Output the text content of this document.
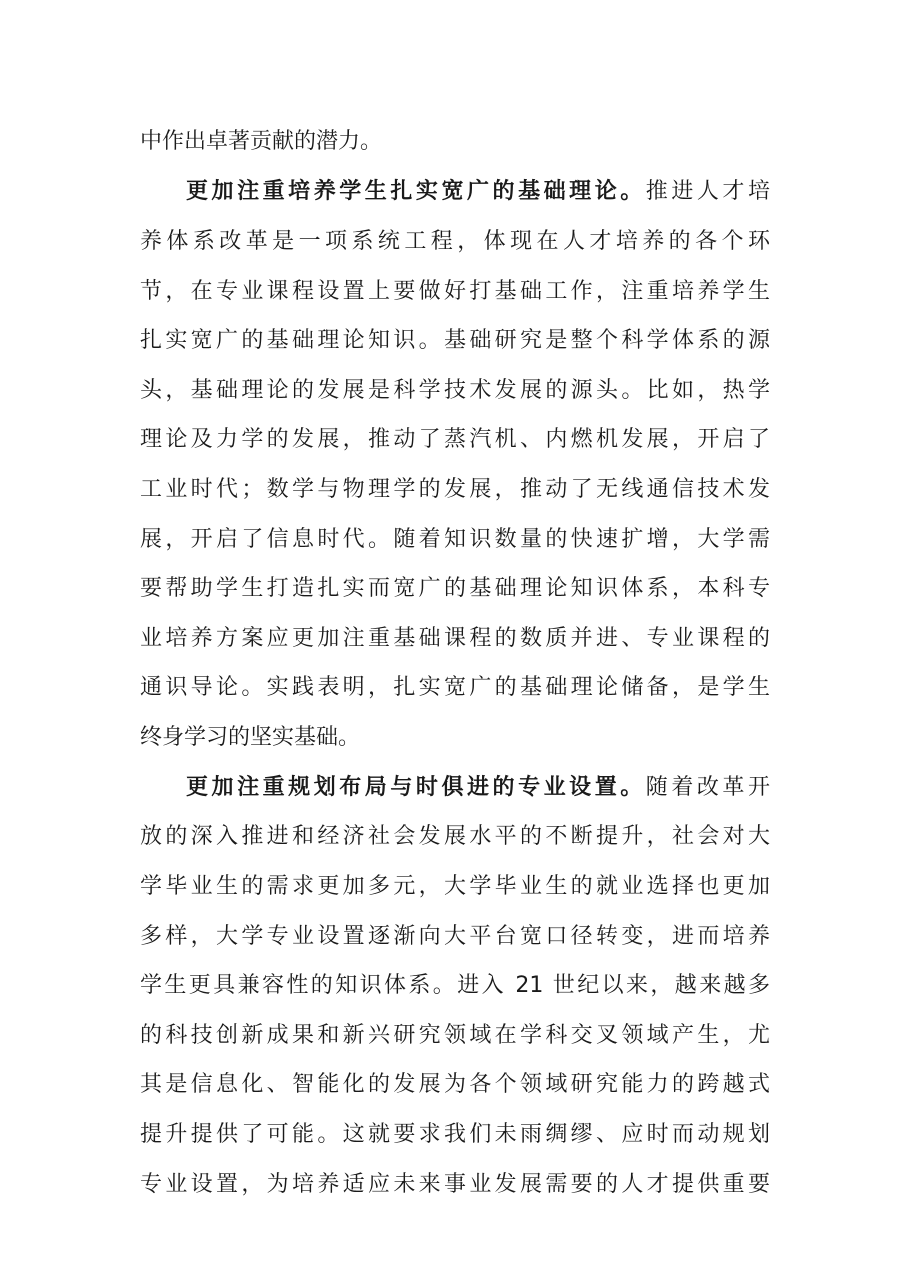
中作出卓著贡献的潜力。
更加注重培养学生扎实宽广的基础理论。推进人才培
养体系改革是一项系统工程，体现在人才培养的各个环
节，在专业课程设置上要做好打基础工作，注重培养学生
扎实宽广的基础理论知识。基础研究是整个科学体系的源
头，基础理论的发展是科学技术发展的源头。比如，热学
理论及力学的发展，推动了蒸汽机、内燃机发展，开启了
工业时代；数学与物理学的发展，推动了无线通信技术发
展，开启了信息时代。随着知识数量的快速扩增，大学需
要帮助学生打造扎实而宽广的基础理论知识体系，本科专
业培养方案应更加注重基础课程的数质并进、专业课程的
通识导论。实践表明，扎实宽广的基础理论储备，是学生
终身学习的坚实基础。
更加注重规划布局与时俱进的专业设置。随着改革开
放的深入推进和经济社会发展水平的不断提升，社会对大
学毕业生的需求更加多元，大学毕业生的就业选择也更加
多样，大学专业设置逐渐向大平台宽口径转变，进而培养
学生更具兼容性的知识体系。进入 21 世纪以来，越来越多
的科技创新成果和新兴研究领域在学科交叉领域产生，尤
其是信息化、智能化的发展为各个领域研究能力的跨越式
提升提供了可能。这就要求我们未雨绸缪、应时而动规划
专业设置，为培养适应未来事业发展需要的人才提供重要
